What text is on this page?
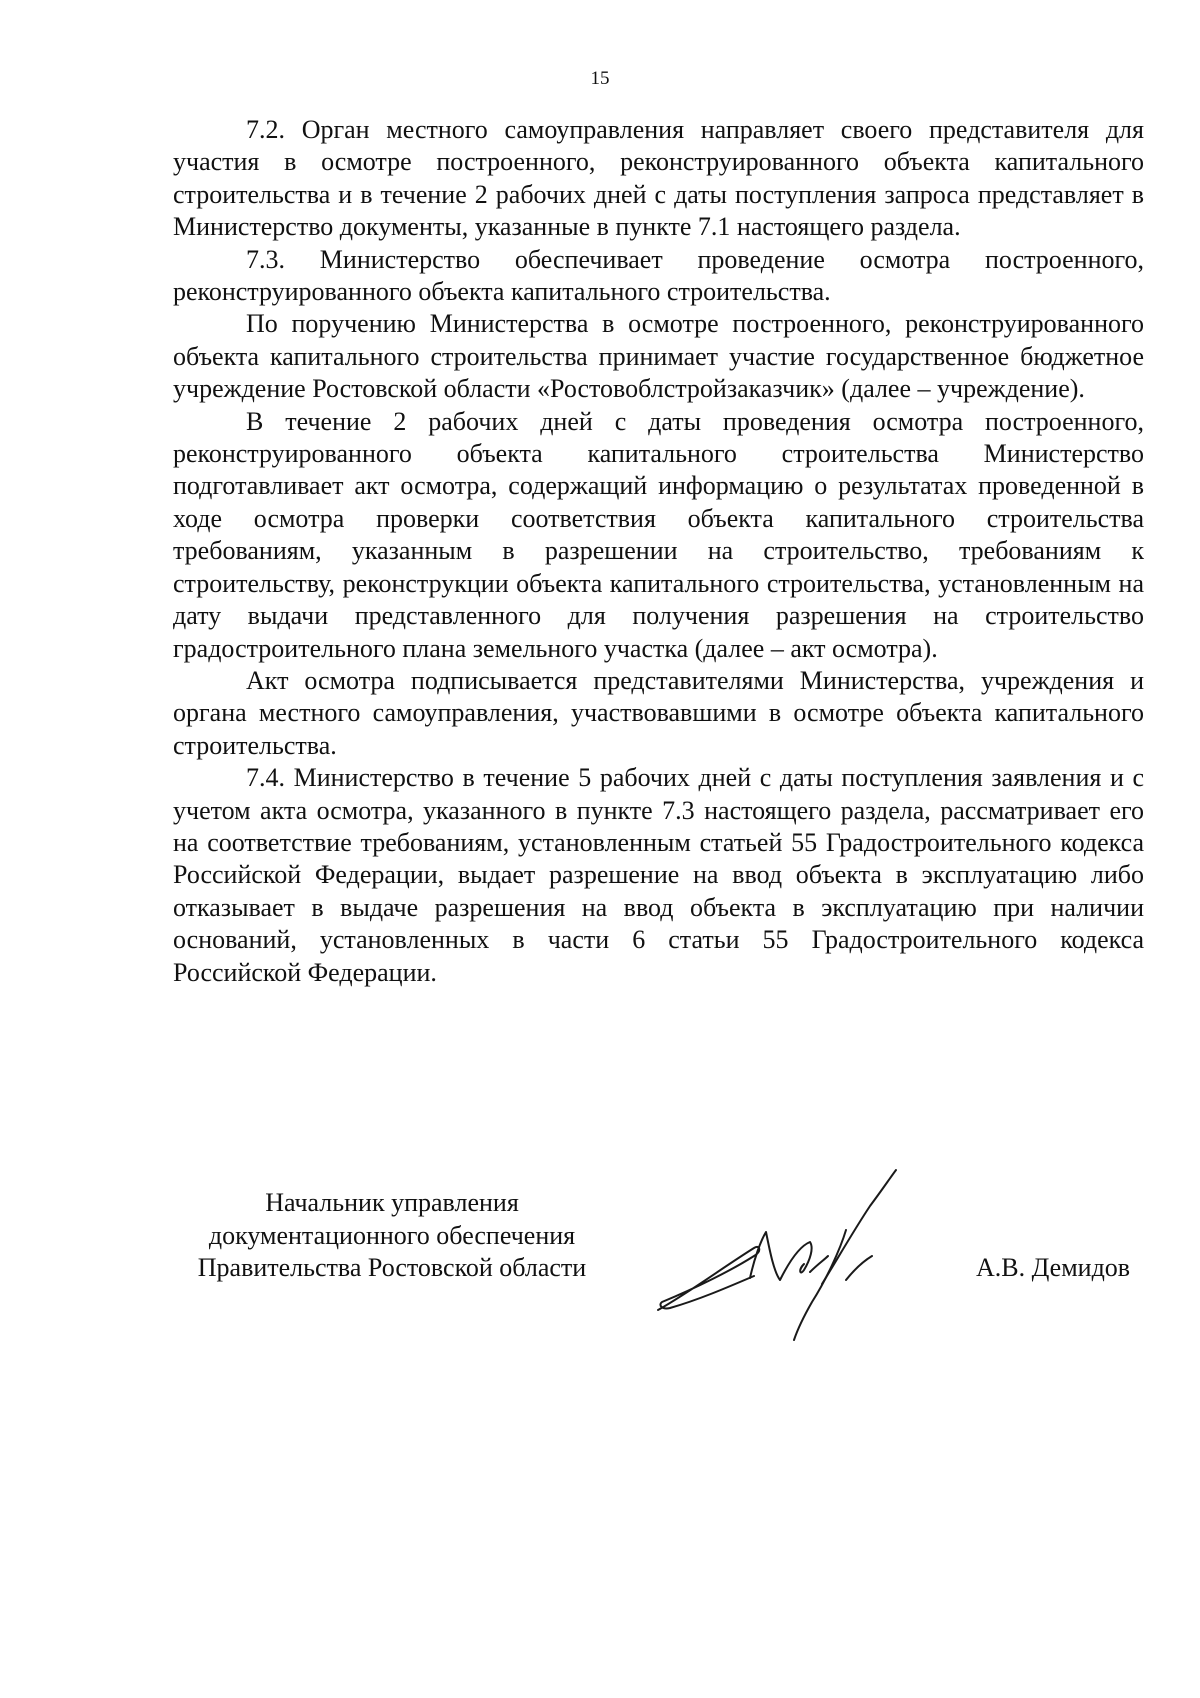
15

7.2. Орган местного самоуправления направляет своего представителя для участия в осмотре построенного, реконструированного объекта капитального строительства и в течение 2 рабочих дней с даты поступления запроса представляет в Министерство документы, указанные в пункте 7.1 настоящего раздела.

7.3. Министерство обеспечивает проведение осмотра построенного, реконструированного объекта капитального строительства.

По поручению Министерства в осмотре построенного, реконструированного объекта капитального строительства принимает участие государственное бюджетное учреждение Ростовской области «Ростовоблстройзаказчик» (далее – учреждение).

В течение 2 рабочих дней с даты проведения осмотра построенного, реконструированного объекта капитального строительства Министерство подготавливает акт осмотра, содержащий информацию о результатах проведенной в ходе осмотра проверки соответствия объекта капитального строительства требованиям, указанным в разрешении на строительство, требованиям к строительству, реконструкции объекта капитального строительства, установленным на дату выдачи представленного для получения разрешения на строительство градостроительного плана земельного участка (далее – акт осмотра).

Акт осмотра подписывается представителями Министерства, учреждения и органа местного самоуправления, участвовавшими в осмотре объекта капитального строительства.

7.4. Министерство в течение 5 рабочих дней с даты поступления заявления и с учетом акта осмотра, указанного в пункте 7.3 настоящего раздела, рассматривает его на соответствие требованиям, установленным статьей 55 Градостроительного кодекса Российской Федерации, выдает разрешение на ввод объекта в эксплуатацию либо отказывает в выдаче разрешения на ввод объекта в эксплуатацию при наличии оснований, установленных в части 6 статьи 55 Градостроительного кодекса Российской Федерации.

Начальник управления
документационного обеспечения
Правительства Ростовской области	А.В. Демидов
